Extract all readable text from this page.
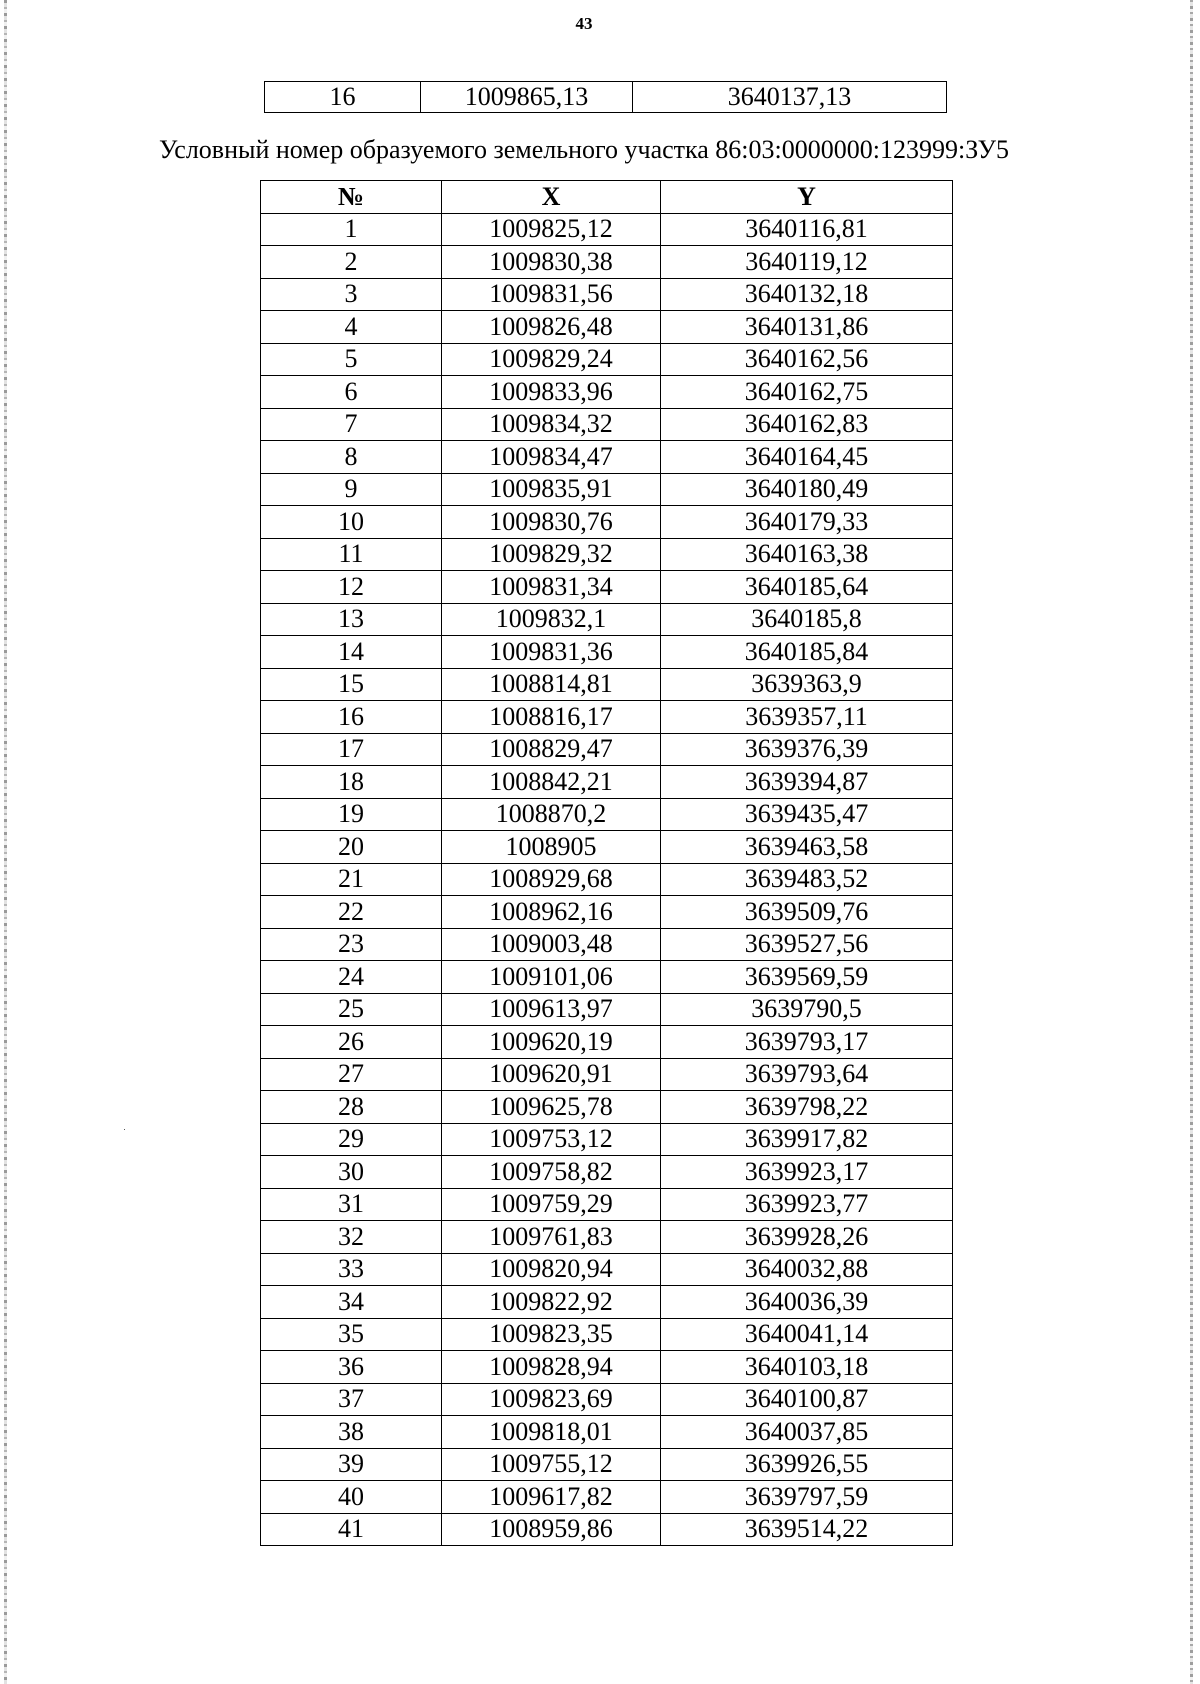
43
16	1009865,13	3640137,13
Условный номер образуемого земельного участка 86:03:0000000:123999:ЗУ5
№	X	Y
1	1009825,12	3640116,81
2	1009830,38	3640119,12
3	1009831,56	3640132,18
4	1009826,48	3640131,86
5	1009829,24	3640162,56
6	1009833,96	3640162,75
7	1009834,32	3640162,83
8	1009834,47	3640164,45
9	1009835,91	3640180,49
10	1009830,76	3640179,33
11	1009829,32	3640163,38
12	1009831,34	3640185,64
13	1009832,1	3640185,8
14	1009831,36	3640185,84
15	1008814,81	3639363,9
16	1008816,17	3639357,11
17	1008829,47	3639376,39
18	1008842,21	3639394,87
19	1008870,2	3639435,47
20	1008905	3639463,58
21	1008929,68	3639483,52
22	1008962,16	3639509,76
23	1009003,48	3639527,56
24	1009101,06	3639569,59
25	1009613,97	3639790,5
26	1009620,19	3639793,17
27	1009620,91	3639793,64
28	1009625,78	3639798,22
29	1009753,12	3639917,82
30	1009758,82	3639923,17
31	1009759,29	3639923,77
32	1009761,83	3639928,26
33	1009820,94	3640032,88
34	1009822,92	3640036,39
35	1009823,35	3640041,14
36	1009828,94	3640103,18
37	1009823,69	3640100,87
38	1009818,01	3640037,85
39	1009755,12	3639926,55
40	1009617,82	3639797,59
41	1008959,86	3639514,22
